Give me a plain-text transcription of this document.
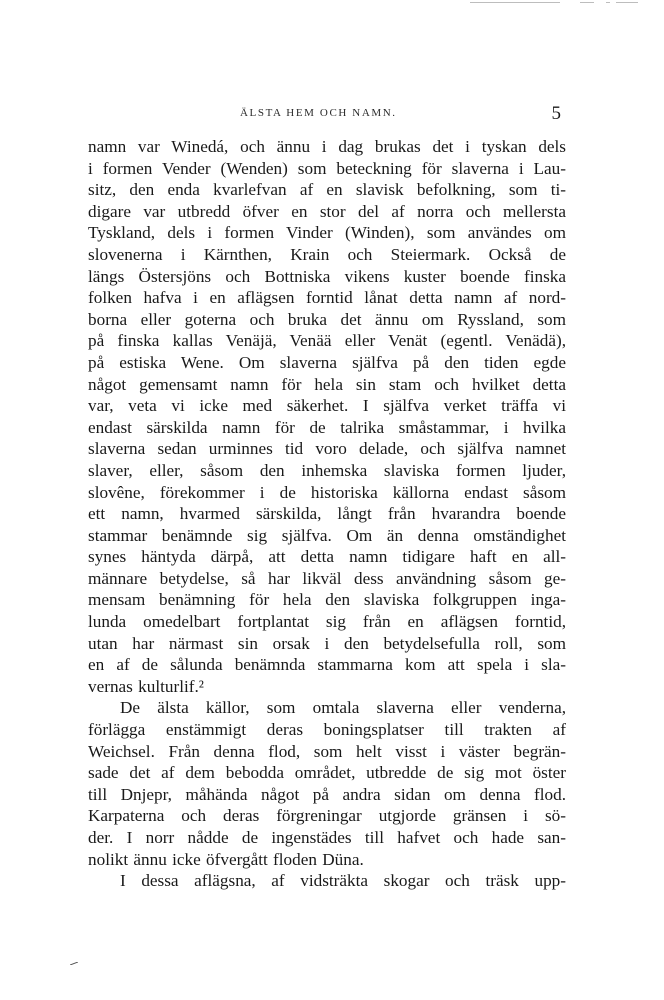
ÄLSTA HEM OCH NAMN.	5
namn var Winedá, och ännu i dag brukas det i tyskan dels
i formen Vender (Wenden) som beteckning för slaverna i Lau-
sitz, den enda kvarlefvan af en slavisk befolkning, som ti-
digare var utbredd öfver en stor del af norra och mellersta
Tyskland, dels i formen Vinder (Winden), som användes om
slovenerna i Kärnthen, Krain och Steiermark. Också de
längs Östersjöns och Bottniska vikens kuster boende finska
folken hafva i en aflägsen forntid lånat detta namn af nord-
borna eller goterna och bruka det ännu om Ryssland, som
på finska kallas Venäjä, Venää eller Venät (egentl. Venädä),
på estiska Wene. Om slaverna själfva på den tiden egde
något gemensamt namn för hela sin stam och hvilket detta
var, veta vi icke med säkerhet. I själfva verket träffa vi
endast särskilda namn för de talrika småstammar, i hvilka
slaverna sedan urminnes tid voro delade, och själfva namnet
slaver, eller, såsom den inhemska slaviska formen ljuder,
slovêne, förekommer i de historiska källorna endast såsom
ett namn, hvarmed särskilda, långt från hvarandra boende
stammar benämnde sig själfva. Om än denna omständighet
synes häntyda därpå, att detta namn tidigare haft en all-
männare betydelse, så har likväl dess användning såsom ge-
mensam benämning för hela den slaviska folkgruppen inga-
lunda omedelbart fortplantat sig från en aflägsen forntid,
utan har närmast sin orsak i den betydelsefulla roll, som
en af de sålunda benämnda stammarna kom att spela i sla-
vernas kulturlif.²
De älsta källor, som omtala slaverna eller venderna,
förlägga enstämmigt deras boningsplatser till trakten af
Weichsel. Från denna flod, som helt visst i väster begrän-
sade det af dem bebodda området, utbredde de sig mot öster
till Dnjepr, måhända något på andra sidan om denna flod.
Karpaterna och deras förgreningar utgjorde gränsen i sö-
der. I norr nådde de ingenstädes till hafvet och hade san-
nolikt ännu icke öfvergått floden Düna.
I dessa aflägsna, af vidsträkta skogar och träsk upp-
